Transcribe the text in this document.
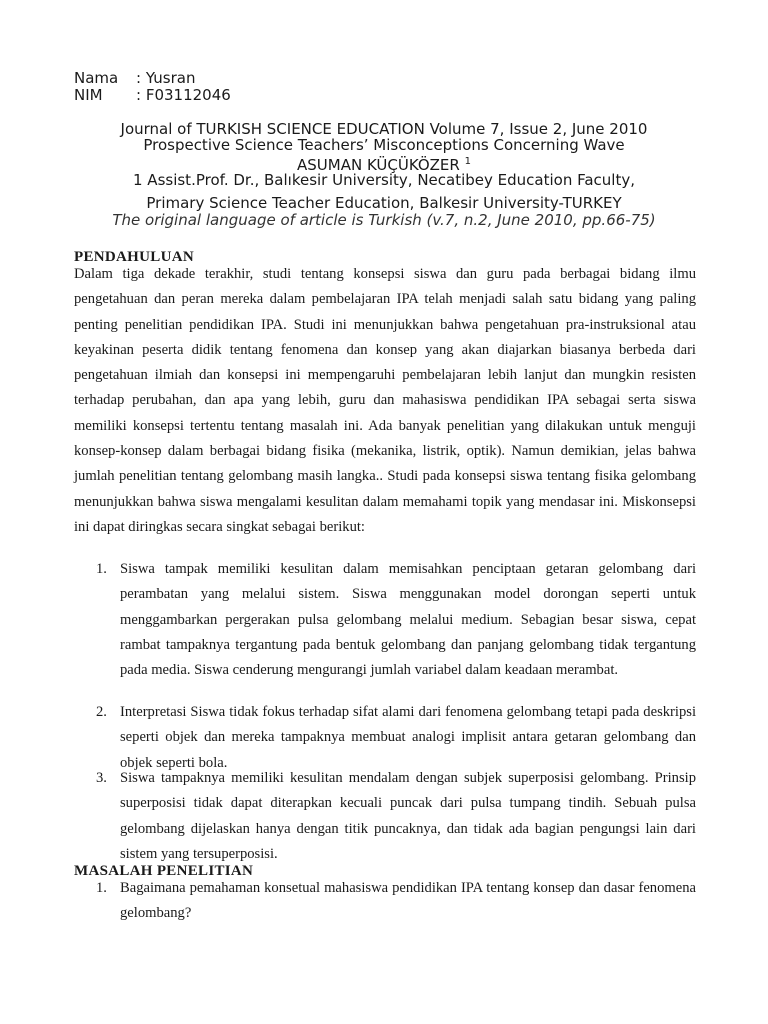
Nama : Yusran
NIM : F03112046
Journal of TURKISH SCIENCE EDUCATION Volume 7, Issue 2, June 2010
Prospective Science Teachers’ Misconceptions Concerning Wave
ASUMAN KÜÇÜKÖZER $^1$
1 Assist.Prof. Dr., Balıkesir University, Necatibey Education Faculty,
Primary Science Teacher Education, Balkesir University-TURKEY
The original language of article is Turkish (v.7, n.2, June 2010, pp.66-75)
PENDAHULUAN

Dalam tiga dekade terakhir, studi tentang konsepsi siswa dan guru pada berbagai bidang ilmu pengetahuan dan peran mereka dalam pembelajaran IPA telah menjadi salah satu bidang yang paling penting penelitian pendidikan IPA. Studi ini menunjukkan bahwa pengetahuan pra-instruksional atau keyakinan peserta didik tentang fenomena dan konsep yang akan diajarkan biasanya berbeda dari pengetahuan ilmiah dan konsepsi ini mempengaruhi pembelajaran lebih lanjut dan mungkin resisten terhadap perubahan, dan apa yang lebih, guru dan mahasiswa pendidikan IPA sebagai serta siswa memiliki konsepsi tertentu tentang masalah ini. Ada banyak penelitian yang dilakukan untuk menguji konsep-konsep dalam berbagai bidang fisika (mekanika, listrik, optik). Namun demikian, jelas bahwa jumlah penelitian tentang gelombang masih langka.. Studi pada konsepsi siswa tentang fisika gelombang menunjukkan bahwa siswa mengalami kesulitan dalam memahami topik yang mendasar ini. Miskonsepsi ini dapat diringkas secara singkat sebagai berikut:

1. Siswa tampak memiliki kesulitan dalam memisahkan penciptaan getaran gelombang dari perambatan yang melalui sistem. Siswa menggunakan model dorongan seperti untuk menggambarkan pergerakan pulsa gelombang melalui medium. Sebagian besar siswa, cepat rambat tampaknya tergantung pada bentuk gelombang dan panjang gelombang tidak tergantung pada media. Siswa cenderung mengurangi jumlah variabel dalam keadaan merambat.
2. Interpretasi Siswa tidak fokus terhadap sifat alami dari fenomena gelombang tetapi pada deskripsi seperti objek dan mereka tampaknya membuat analogi implisit antara getaran gelombang dan objek seperti bola.
3. Siswa tampaknya memiliki kesulitan mendalam dengan subjek superposisi gelombang. Prinsip superposisi tidak dapat diterapkan kecuali puncak dari pulsa tumpang tindih. Sebuah pulsa gelombang dijelaskan hanya dengan titik puncaknya, dan tidak ada bagian pengungsi lain dari sistem yang tersuperposisi.
MASALAH PENELITIAN
1. Bagaimana pemahaman konsetual mahasiswa pendidikan IPA tentang konsep dan dasar fenomena gelombang?
